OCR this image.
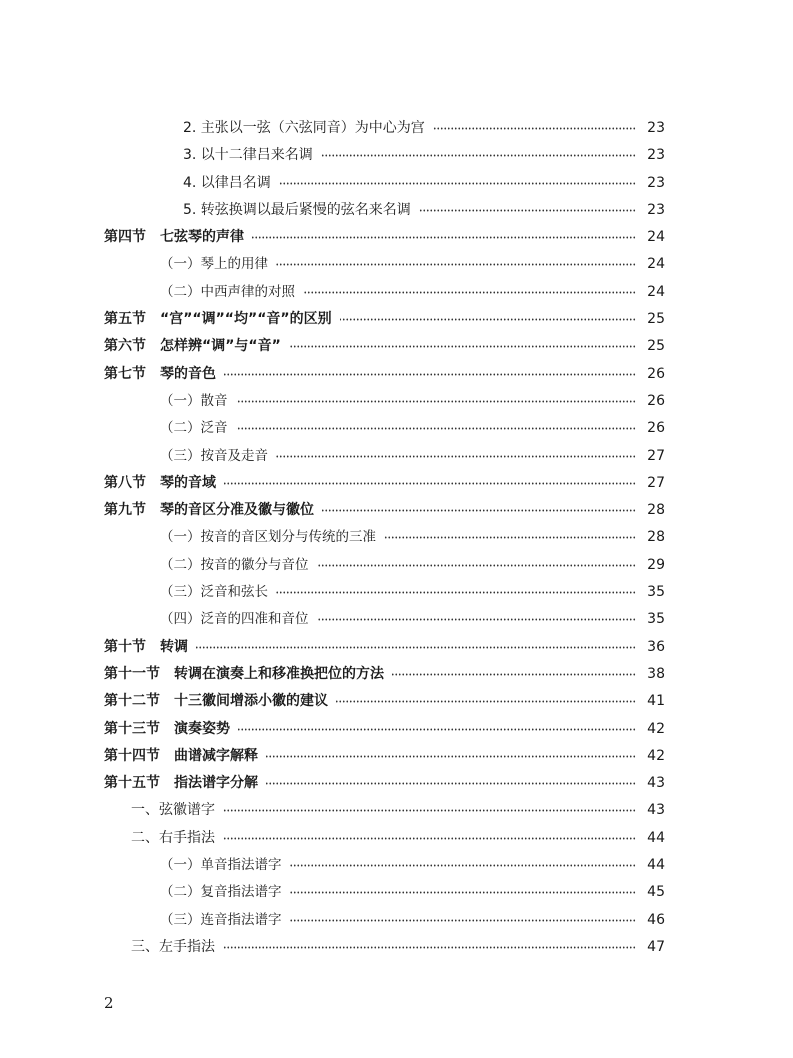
2. 主张以一弦（六弦同音）为中心为宫	23
3. 以十二律吕来名调	23
4. 以律吕名调	23
5. 转弦换调以最后紧慢的弦名来名调	23
第四节 七弦琴的声律	24
（一）琴上的用律	24
（二）中西声律的对照	24
第五节 “宫”“调”“均”“音”的区别	25
第六节 怎样辨“调”与“音”	25
第七节 琴的音色	26
（一）散音	26
（二）泛音	26
（三）按音及走音	27
第八节 琴的音域	27
第九节 琴的音区分准及徽与徽位	28
（一）按音的音区划分与传统的三准	28
（二）按音的徽分与音位	29
（三）泛音和弦长	35
（四）泛音的四准和音位	35
第十节 转调	36
第十一节 转调在演奏上和移准换把位的方法	38
第十二节 十三徽间增添小徽的建议	41
第十三节 演奏姿势	42
第十四节 曲谱减字解释	42
第十五节 指法谱字分解	43
一、弦徽谱字	43
二、右手指法	44
（一）单音指法谱字	44
（二）复音指法谱字	45
（三）连音指法谱字	46
三、左手指法	47
2
